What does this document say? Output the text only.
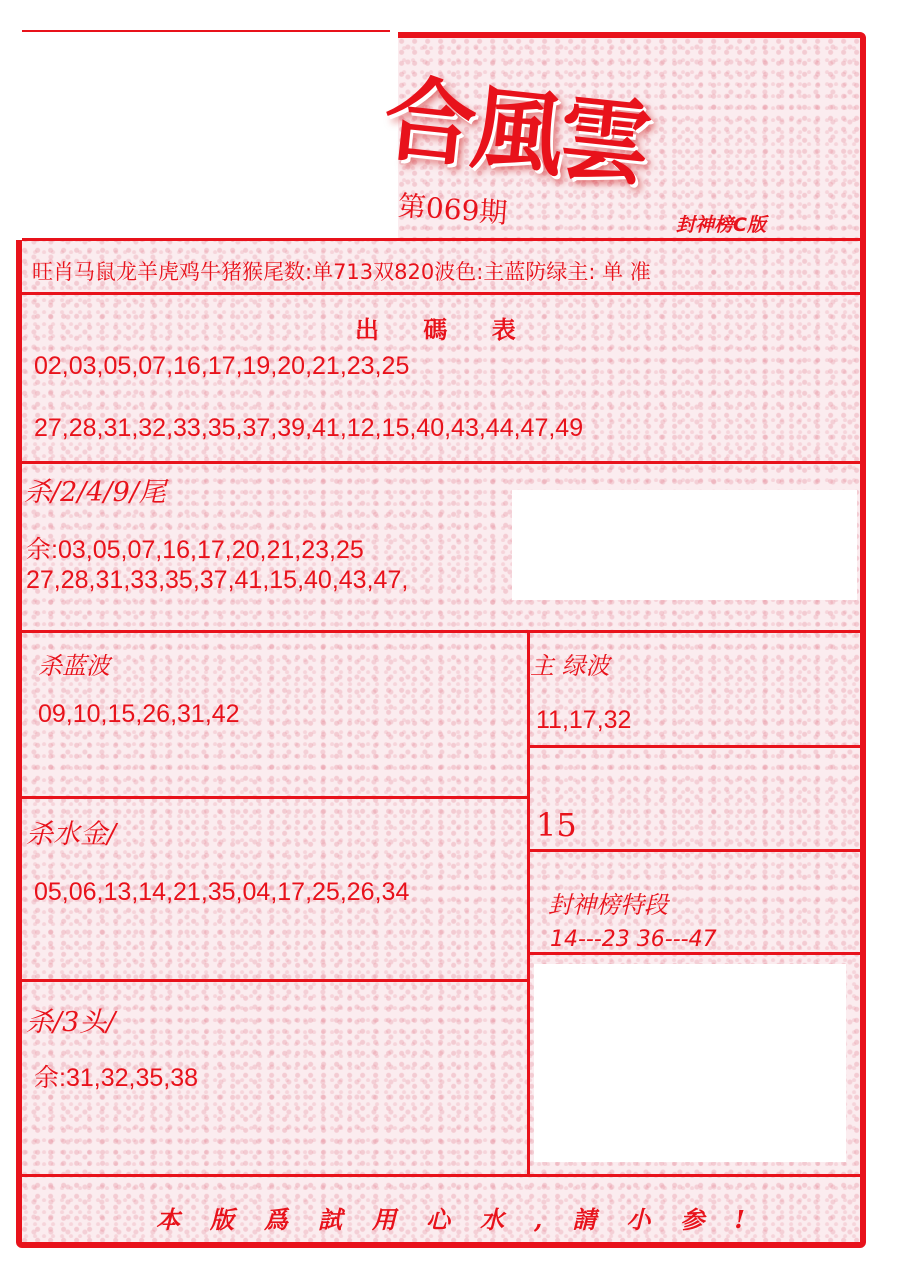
合風雲
第069期	封神榜C版
旺肖马鼠龙羊虎鸡牛猪猴尾数:单713双820波色:主蓝防绿主: 单 准
出 碼 表
02,03,05,07,16,17,19,20,21,23,25
27,28,31,32,33,35,37,39,41,12,15,40,43,44,47,49
杀/2/4/9/尾
余:03,05,07,16,17,20,21,23,25
27,28,31,33,35,37,41,15,40,43,47,
杀蓝波
09,10,15,26,31,42
主 绿波
11,17,32
15
杀水金/
05,06,13,14,21,35,04,17,25,26,34	封神榜特段
14---23 36---47
杀/3头/
余:31,32,35,38
本版爲試用心水,請小参!
